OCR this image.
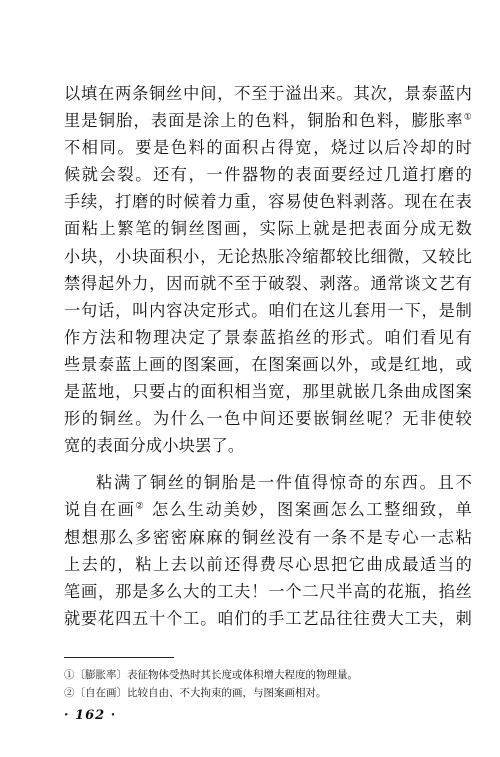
以填在两条铜丝中间，不至于溢出来。其次，景泰蓝内
里是铜胎，表面是涂上的色料，铜胎和色料，膨胀率①
不相同。要是色料的面积占得宽，烧过以后冷却的时
候就会裂。还有，一件器物的表面要经过几道打磨的
手续，打磨的时候着力重，容易使色料剥落。现在在表
面粘上繁笔的铜丝图画，实际上就是把表面分成无数
小块，小块面积小，无论热胀冷缩都较比细微，又较比
禁得起外力，因而就不至于破裂、剥落。通常谈文艺有
一句话，叫内容决定形式。咱们在这儿套用一下，是制
作方法和物理决定了景泰蓝掐丝的形式。咱们看见有
些景泰蓝上画的图案画，在图案画以外，或是红地，或
是蓝地，只要占的面积相当宽，那里就嵌几条曲成图案
形的铜丝。为什么一色中间还要嵌铜丝呢？无非使较
宽的表面分成小块罢了。
粘满了铜丝的铜胎是一件值得惊奇的东西。且不
说自在画② 怎么生动美妙，图案画怎么工整细致，单
想想那么多密密麻麻的铜丝没有一条不是专心一志粘
上去的，粘上去以前还得费尽心思把它曲成最适当的
笔画，那是多么大的工夫！一个二尺半高的花瓶，掐丝
就要花四五十个工。咱们的手工艺品往往费大工夫，刺
①〔膨胀率〕表征物体受热时其长度或体积增大程度的物理量。
②〔自在画〕比较自由、不大拘束的画，与图案画相对。
· 162 ·
